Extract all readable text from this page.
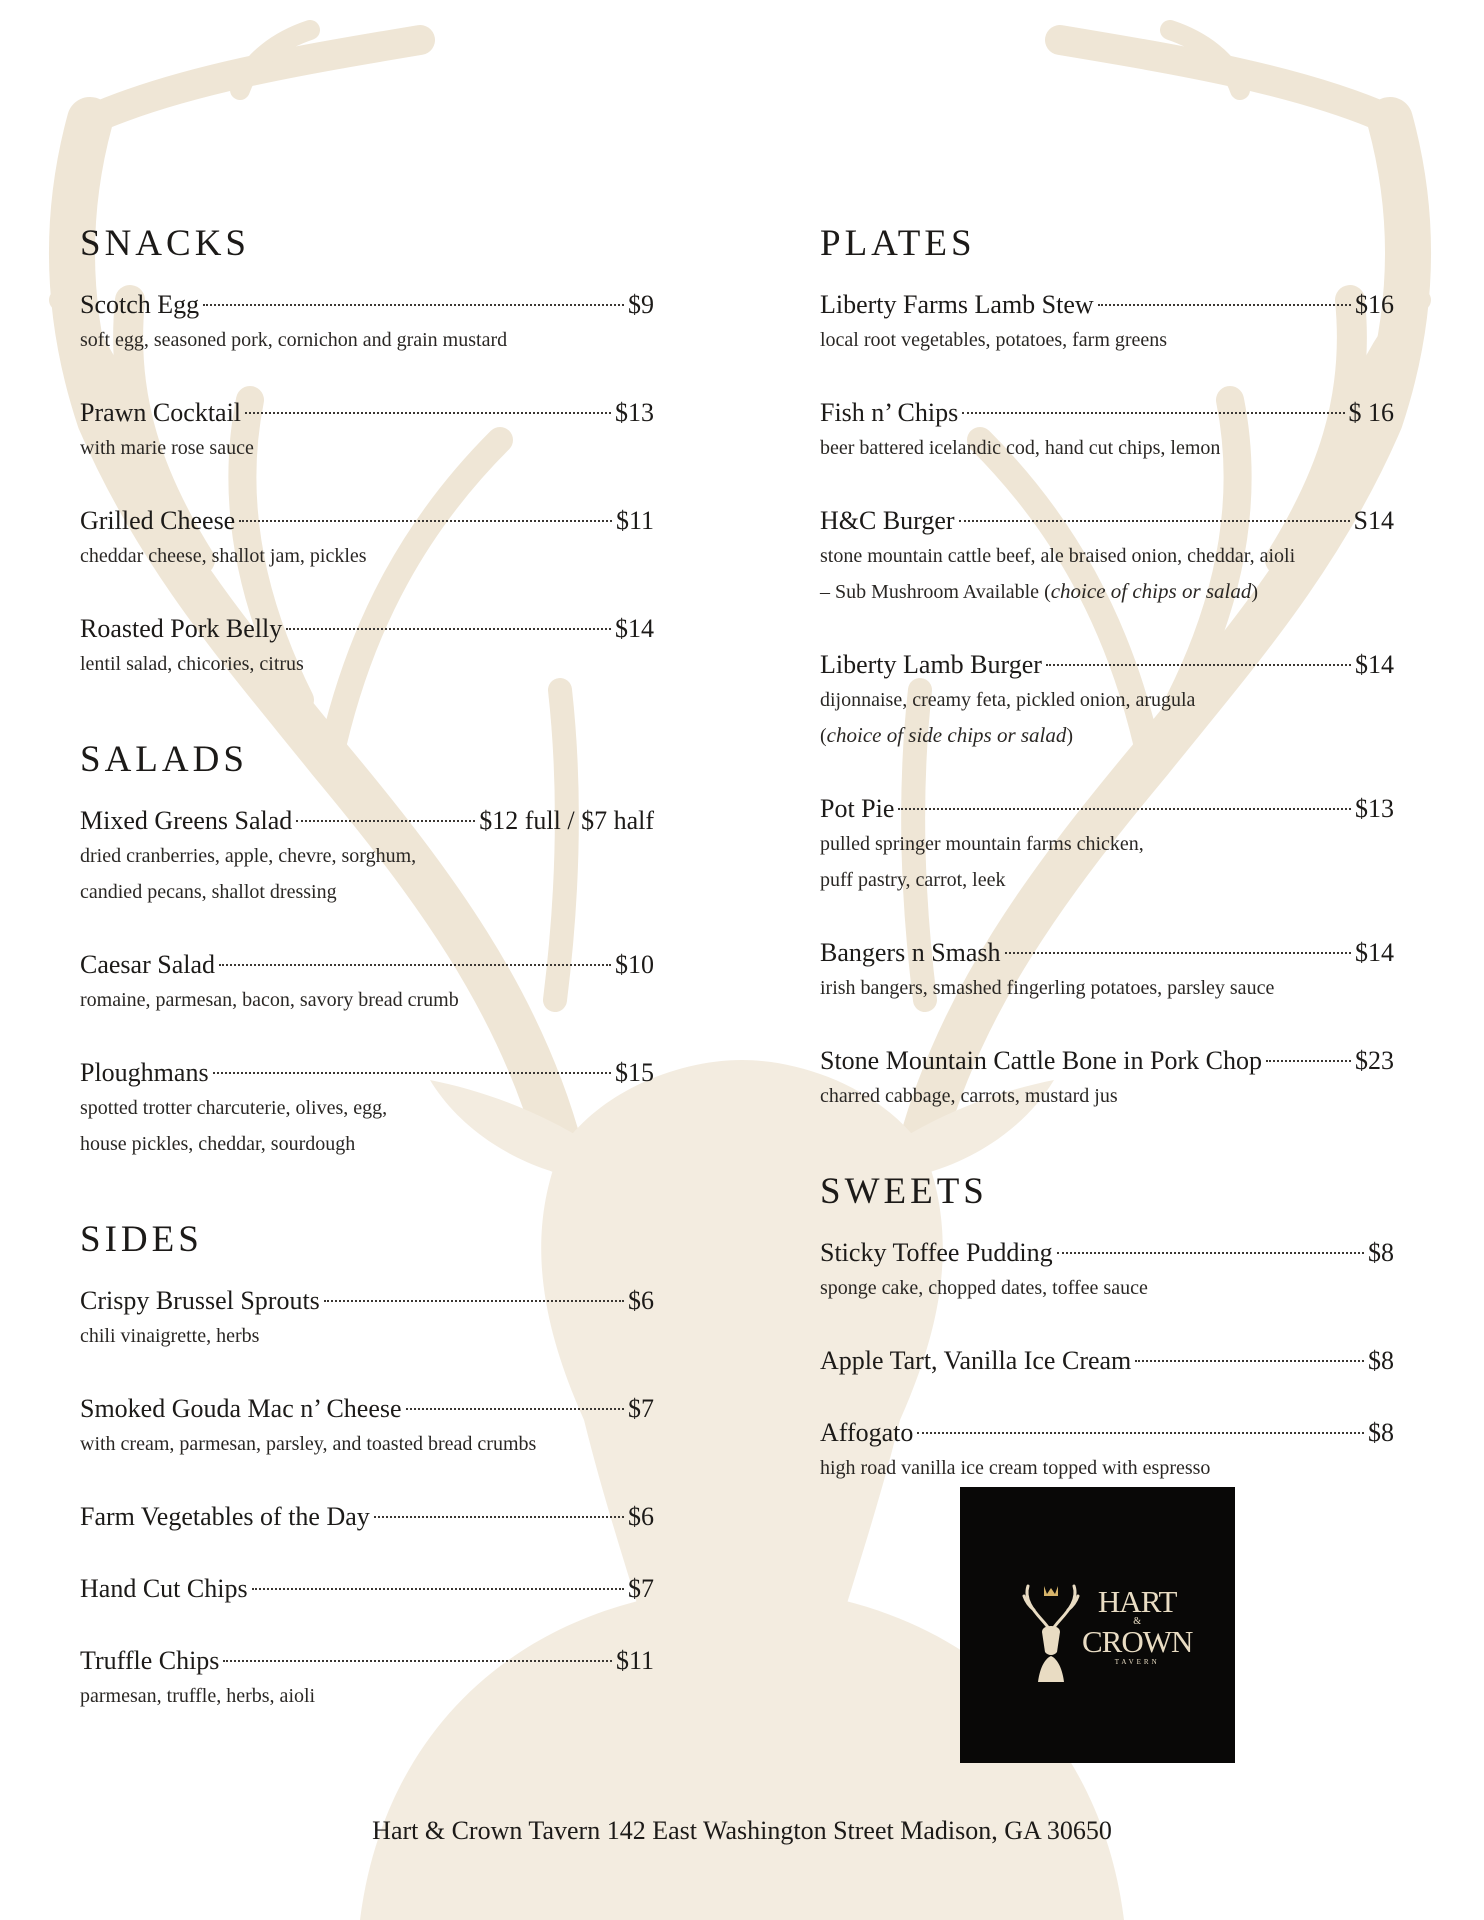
SNACKS
Scotch Egg	$9
soft egg, seasoned pork, cornichon and grain mustard
Prawn Cocktail	$13
with marie rose sauce
Grilled Cheese	$11
cheddar cheese, shallot jam, pickles
Roasted Pork Belly	$14
lentil salad, chicories, citrus
SALADS
Mixed Greens Salad	$12 full / $7 half
dried cranberries, apple, chevre, sorghum,
candied pecans, shallot dressing
Caesar Salad	$10
romaine, parmesan, bacon, savory bread crumb
Ploughmans	$15
spotted trotter charcuterie, olives, egg,
house pickles, cheddar, sourdough
SIDES
Crispy Brussel Sprouts	$6
chili vinaigrette, herbs
Smoked Gouda Mac n’ Cheese	$7
with cream, parmesan, parsley, and toasted bread crumbs
Farm Vegetables of the Day	$6
Hand Cut Chips	$7
Truffle Chips	$11
parmesan, truffle, herbs, aioli
PLATES
Liberty Farms Lamb Stew	$16
local root vegetables, potatoes, farm greens
Fish n’ Chips	$ 16
beer battered icelandic cod, hand cut chips, lemon
H&C Burger	S14
stone mountain cattle beef, ale braised onion, cheddar, aioli
– Sub Mushroom Available (choice of chips or salad)
Liberty Lamb Burger	$14
dijonnaise, creamy feta, pickled onion, arugula
(choice of side chips or salad)
Pot Pie	$13
pulled springer mountain farms chicken,
puff pastry, carrot, leek
Bangers n Smash	$14
irish bangers, smashed fingerling potatoes, parsley sauce
Stone Mountain Cattle Bone in Pork Chop	$23
charred cabbage, carrots, mustard jus
SWEETS
Sticky Toffee Pudding	$8
sponge cake, chopped dates, toffee sauce
Apple Tart, Vanilla Ice Cream	$8
Affogato	$8
high road vanilla ice cream topped with espresso
HART
&
CROWN
TAVERN
Hart & Crown Tavern 142 East Washington Street Madison, GA 30650
